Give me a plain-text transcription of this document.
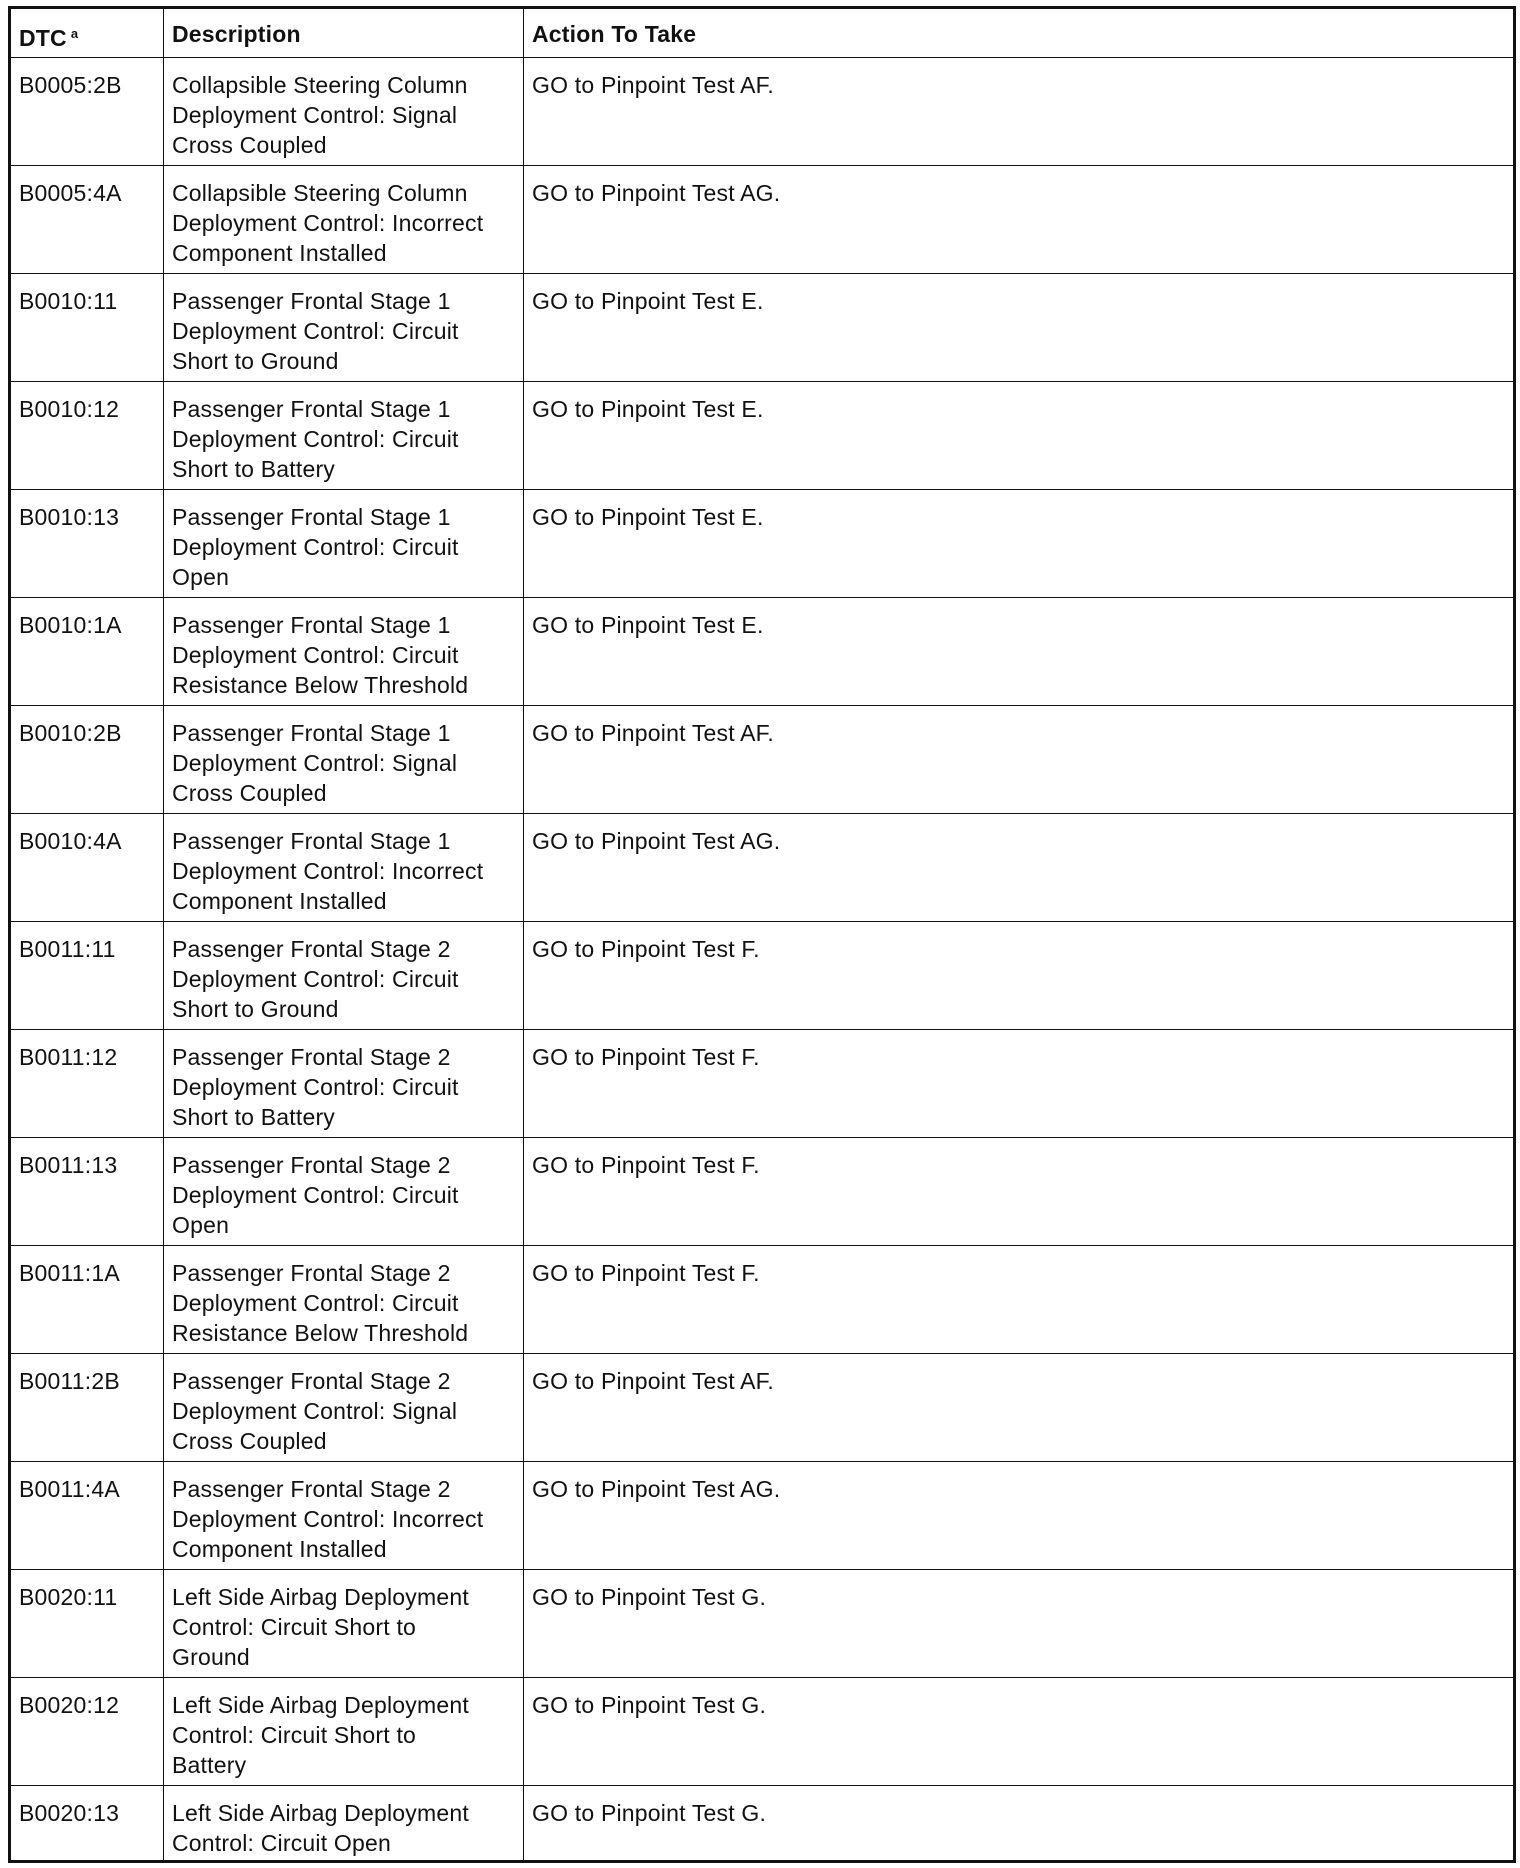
DTC $^a$	Description	Action To Take
B0005:2B	Collapsible Steering Column
Deployment Control: Signal
Cross Coupled	GO to Pinpoint Test AF.
B0005:4A	Collapsible Steering Column
Deployment Control: Incorrect
Component Installed	GO to Pinpoint Test AG.
B0010:11	Passenger Frontal Stage 1
Deployment Control: Circuit
Short to Ground	GO to Pinpoint Test E.
B0010:12	Passenger Frontal Stage 1
Deployment Control: Circuit
Short to Battery	GO to Pinpoint Test E.
B0010:13	Passenger Frontal Stage 1
Deployment Control: Circuit
Open	GO to Pinpoint Test E.
B0010:1A	Passenger Frontal Stage 1
Deployment Control: Circuit
Resistance Below Threshold	GO to Pinpoint Test E.
B0010:2B	Passenger Frontal Stage 1
Deployment Control: Signal
Cross Coupled	GO to Pinpoint Test AF.
B0010:4A	Passenger Frontal Stage 1
Deployment Control: Incorrect
Component Installed	GO to Pinpoint Test AG.
B0011:11	Passenger Frontal Stage 2
Deployment Control: Circuit
Short to Ground	GO to Pinpoint Test F.
B0011:12	Passenger Frontal Stage 2
Deployment Control: Circuit
Short to Battery	GO to Pinpoint Test F.
B0011:13	Passenger Frontal Stage 2
Deployment Control: Circuit
Open	GO to Pinpoint Test F.
B0011:1A	Passenger Frontal Stage 2
Deployment Control: Circuit
Resistance Below Threshold	GO to Pinpoint Test F.
B0011:2B	Passenger Frontal Stage 2
Deployment Control: Signal
Cross Coupled	GO to Pinpoint Test AF.
B0011:4A	Passenger Frontal Stage 2
Deployment Control: Incorrect
Component Installed	GO to Pinpoint Test AG.
B0020:11	Left Side Airbag Deployment
Control: Circuit Short to
Ground	GO to Pinpoint Test G.
B0020:12	Left Side Airbag Deployment
Control: Circuit Short to
Battery	GO to Pinpoint Test G.
B0020:13	Left Side Airbag Deployment
Control: Circuit Open	GO to Pinpoint Test G.
